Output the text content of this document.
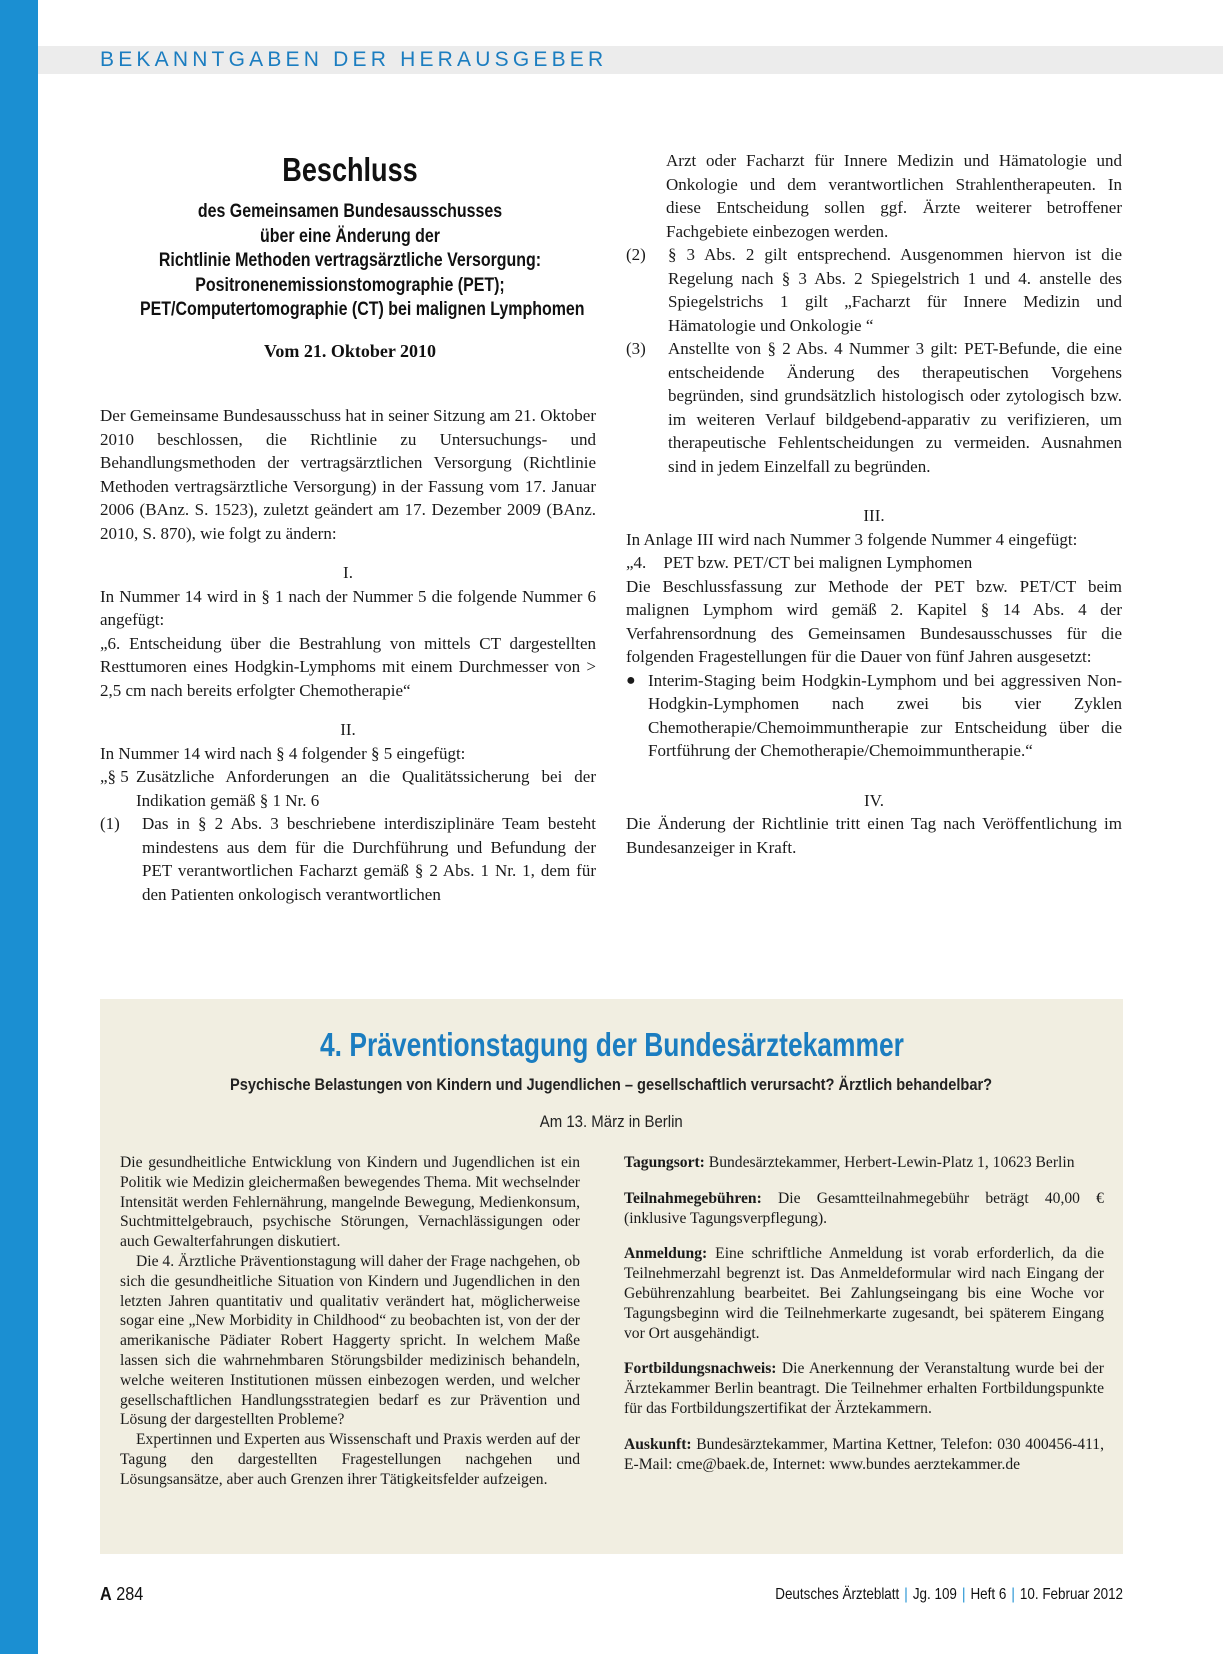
BEKANNTGABEN DER HERAUSGEBER
Beschluss
des Gemeinsamen Bundesausschusses
über eine Änderung der
Richtlinie Methoden vertragsärztliche Versorgung:
Positronenemissionstomographie (PET);
PET/Computertomographie (CT) bei malignen Lymphomen
Vom 21. Oktober 2010

Der Gemeinsame Bundesausschuss hat in seiner Sitzung am 21. Oktober 2010 beschlossen, die Richtlinie zu Untersuchungs- und Behandlungsmethoden der vertragsärztlichen Versorgung (Richtlinie Methoden vertragsärztliche Versorgung) in der Fassung vom 17. Januar 2006 (BAnz. S. 1523), zuletzt geändert am 17. Dezember 2009 (BAnz. 2010, S. 870), wie folgt zu ändern:

I.

In Nummer 14 wird in § 1 nach der Nummer 5 die folgende Nummer 6 angefügt:

„6. Entscheidung über die Bestrahlung von mittels CT dargestellten Resttumoren eines Hodgkin-Lymphoms mit einem Durchmesser von > 2,5 cm nach bereits erfolgter Chemotherapie“

II.

In Nummer 14 wird nach § 4 folgender § 5 eingefügt:

„§ 5 Zusätzliche Anforderungen an die Qualitätssicherung bei der Indikation gemäß § 1 Nr. 6
(1)	Das in § 2 Abs. 3 beschriebene interdisziplinäre Team besteht mindestens aus dem für die Durchführung und Befundung der PET verantwortlichen Facharzt gemäß § 2 Abs. 1 Nr. 1, dem für den Patienten onkologisch verantwortlichen

Arzt oder Facharzt für Innere Medizin und Hämatologie und Onkologie und dem verantwortlichen Strahlentherapeuten. In diese Entscheidung sollen ggf. Ärzte weiterer betroffener Fachgebiete einbezogen werden.

(2)	§ 3 Abs. 2 gilt entsprechend. Ausgenommen hiervon ist die Regelung nach § 3 Abs. 2 Spiegelstrich 1 und 4. anstelle des Spiegelstrichs 1 gilt „Facharzt für Innere Medizin und Hämatologie und Onkologie “
(3)	Anstellte von § 2 Abs. 4 Nummer 3 gilt: PET-Befunde, die eine entscheidende Änderung des therapeutischen Vorgehens begründen, sind grundsätzlich histologisch oder zytologisch bzw. im weiteren Verlauf bildgebend-apparativ zu verifizieren, um therapeutische Fehlentscheidungen zu vermeiden. Ausnahmen sind in jedem Einzelfall zu begründen.

III.

In Anlage III wird nach Nummer 3 folgende Nummer 4 eingefügt:

„4.    PET bzw. PET/CT bei malignen Lymphomen

Die Beschlussfassung zur Methode der PET bzw. PET/CT beim malignen Lymphom wird gemäß 2. Kapitel § 14 Abs. 4 der Verfahrensordnung des Gemeinsamen Bundesausschusses für die folgenden Fragestellungen für die Dauer von fünf Jahren ausgesetzt:

● Interim-Staging beim Hodgkin-Lymphom und bei aggressiven Non-Hodgkin-Lymphomen nach zwei bis vier Zyklen Chemotherapie/Chemoimmuntherapie zur Entscheidung über die Fortführung der Chemotherapie/Chemoimmuntherapie.“

IV.

Die Änderung der Richtlinie tritt einen Tag nach Veröffentlichung im Bundesanzeiger in Kraft.

4. Präventionstagung der Bundesärztekammer
Psychische Belastungen von Kindern und Jugendlichen – gesellschaftlich verursacht? Ärztlich behandelbar?
Am 13. März in Berlin

Die gesundheitliche Entwicklung von Kindern und Jugendlichen ist ein Politik wie Medizin gleichermaßen bewegendes Thema. Mit wechselnder Intensität werden Fehlernährung, mangelnde Bewegung, Medienkonsum, Suchtmittelgebrauch, psychische Störungen, Vernachlässigungen oder auch Gewalterfahrungen diskutiert.

Die 4. Ärztliche Präventionstagung will daher der Frage nachgehen, ob sich die gesundheitliche Situation von Kindern und Jugendlichen in den letzten Jahren quantitativ und qualitativ verändert hat, möglicherweise sogar eine „New Morbidity in Childhood“ zu beobachten ist, von der der amerikanische Pädiater Robert Haggerty spricht. In welchem Maße lassen sich die wahrnehmbaren Störungsbilder medizinisch behandeln, welche weiteren Institutionen müssen einbezogen werden, und welcher gesellschaftlichen Handlungsstrategien bedarf es zur Prävention und Lösung der dargestellten Probleme?

Expertinnen und Experten aus Wissenschaft und Praxis werden auf der Tagung den dargestellten Fragestellungen nachgehen und Lösungsansätze, aber auch Grenzen ihrer Tätigkeitsfelder aufzeigen.

Tagungsort: Bundesärztekammer, Herbert-Lewin-Platz 1, 10623 Berlin

Teilnahmegebühren: Die Gesamtteilnahmegebühr beträgt 40,00 € (inklusive Tagungsverpflegung).

Anmeldung: Eine schriftliche Anmeldung ist vorab erforderlich, da die Teilnehmerzahl begrenzt ist. Das Anmeldeformular wird nach Eingang der Gebührenzahlung bearbeitet. Bei Zahlungseingang bis eine Woche vor Tagungsbeginn wird die Teilnehmerkarte zugesandt, bei späterem Eingang vor Ort ausgehändigt.

Fortbildungsnachweis: Die Anerkennung der Veranstaltung wurde bei der Ärztekammer Berlin beantragt. Die Teilnehmer erhalten Fortbildungspunkte für das Fortbildungszertifikat der Ärztekammern.

Auskunft: Bundesärztekammer, Martina Kettner, Telefon: 030 400456-411, E-Mail: cme@baek.de, Internet: www.bundes aerztekammer.de

A 284	Deutsches Ärzteblatt | Jg. 109 | Heft 6 | 10. Februar 2012
